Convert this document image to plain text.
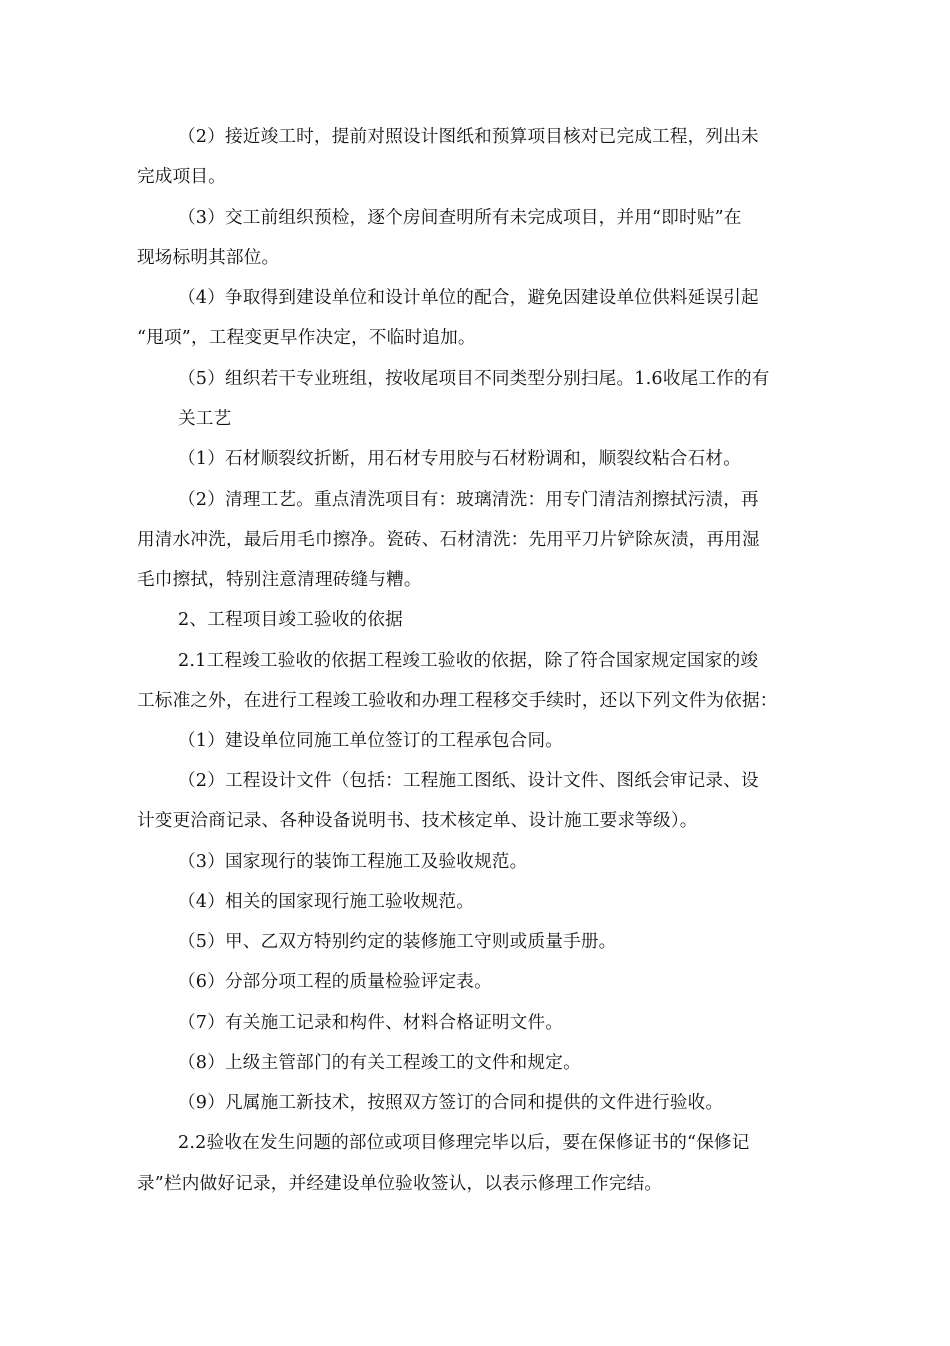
（2）接近竣工时，提前对照设计图纸和预算项目核对已完成工程，列出未
完成项目。
（3）交工前组织预检，逐个房间查明所有未完成项目，并用“即时贴”在
现场标明其部位。
（4）争取得到建设单位和设计单位的配合，避免因建设单位供料延误引起
“甩项”，工程变更早作决定，不临时追加。
（5）组织若干专业班组，按收尾项目不同类型分别扫尾。1.6收尾工作的有
关工艺
（1）石材顺裂纹折断，用石材专用胶与石材粉调和，顺裂纹粘合石材。
（2）清理工艺。重点清洗项目有：玻璃清洗：用专门清洁剂擦拭污渍，再
用清水冲洗，最后用毛巾擦净。瓷砖、石材清洗：先用平刀片铲除灰渍，再用湿
毛巾擦拭，特别注意清理砖缝与糟。
2、工程项目竣工验收的依据
2.1工程竣工验收的依据工程竣工验收的依据，除了符合国家规定国家的竣
工标准之外，在进行工程竣工验收和办理工程移交手续时，还以下列文件为依据：
（1）建设单位同施工单位签订的工程承包合同。
（2）工程设计文件（包括：工程施工图纸、设计文件、图纸会审记录、设
计变更洽商记录、各种设备说明书、技术核定单、设计施工要求等级）。
（3）国家现行的装饰工程施工及验收规范。
（4）相关的国家现行施工验收规范。
（5）甲、乙双方特别约定的装修施工守则或质量手册。
（6）分部分项工程的质量检验评定表。
（7）有关施工记录和构件、材料合格证明文件。
（8）上级主管部门的有关工程竣工的文件和规定。
（9）凡属施工新技术，按照双方签订的合同和提供的文件进行验收。
2.2验收在发生问题的部位或项目修理完毕以后，要在保修证书的“保修记
录”栏内做好记录，并经建设单位验收签认，以表示修理工作完结。
